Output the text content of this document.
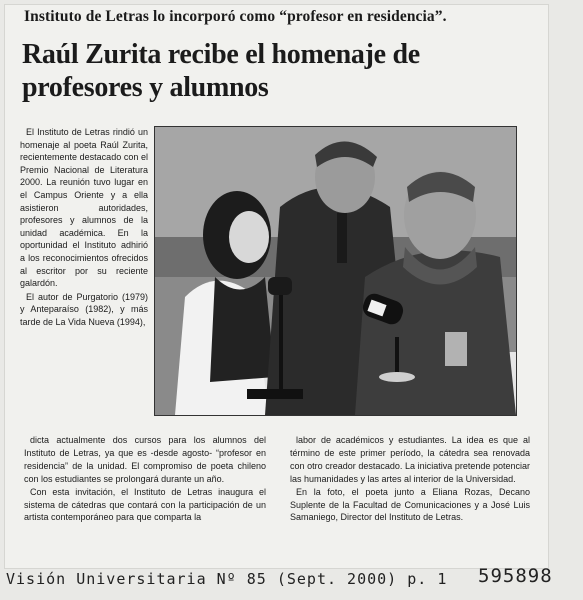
Instituto de Letras lo incorporó como “profesor en residencia”.
Raúl Zurita recibe el homenaje de profesores y alumnos

El Instituto de Letras rindió un homenaje al poeta Raúl Zurita, recientemente destacado con el Premio Nacional de Literatura 2000. La reunión tuvo lugar en el Campus Oriente y a ella asistieron autoridades, profesores y alumnos de la unidad académica. En la oportunidad el Instituto adhirió a los reconocimientos ofrecidos al escritor por su reciente galardón.

El autor de Purgatorio (1979) y Anteparaíso (1982), y más tarde de La Vida Nueva (1994),

dicta actualmente dos cursos para los alumnos del Instituto de Letras, ya que es -desde agosto- “profesor en residencia” de la unidad. El compromiso de poeta chileno con los estudiantes se prolongará durante un año.

Con esta invitación, el Instituto de Letras inaugura el sistema de cátedras que contará con la participación de un artista contemporáneo para que comparta la

labor de académicos y estudiantes. La idea es que al término de este primer período, la cátedra sea renovada con otro creador destacado. La iniciativa pretende potenciar las humanidades y las artes al interior de la Universidad.

En la foto, el poeta junto a Eliana Rozas, Decano Suplente de la Facultad de Comunicaciones y a José Luis Samaniego, Director del Instituto de Letras.

Visión Universitaria Nº 85 (Sept. 2000) p. 1 595898
